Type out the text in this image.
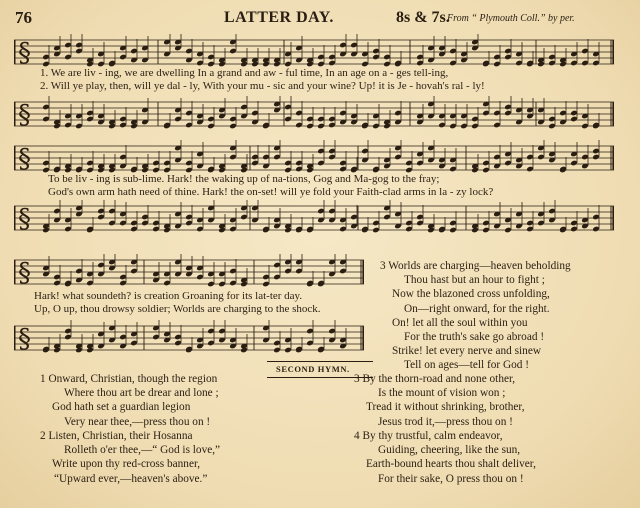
76	LATTER DAY.	8s & 7s.
From “ Plymouth Coll.” by per.
§
1. We are liv - ing, we are dwelling In a grand and aw - ful time, In an age on a - ges tell-ing,
2. Will ye play, then, will ye dal - ly, With your mu - sic and your wine? Up! it is Je - hovah's ral - ly!
§
§
To be liv - ing is sub-lime. Hark! the waking up of na-tions, Gog and Ma-gog to the fray;
God's own arm hath need of thine. Hark! the on-set! will ye fold your Faith-clad arms in la - zy lock?
§
§
Hark! what soundeth? is creation Groaning for its lat-ter day.
Up, O up, thou drowsy soldier; Worlds are charging to the shock.
§
3 Worlds are charging—heaven beholding
Thou hast but an hour to fight ;
Now the blazoned cross unfolding,
On—right onward, for the right.
On! let all the soul within you
For the truth's sake go abroad !
Strike! let every nerve and sinew
Tell on ages—tell for God !
SECOND HYMN.
1 Onward, Christian, though the region
Where thou art be drear and lone ;
God hath set a guardian legion
Very near thee,—press thou on !
2 Listen, Christian, their Hosanna
Rolleth o'er thee,—“ God is love,”
Write upon thy red-cross banner,
“Upward ever,—heaven's above.”
3 By the thorn-road and none other,
Is the mount of vision won ;
Tread it without shrinking, brother,
Jesus trod it,—press thou on !
4 By thy trustful, calm endeavor,
Guiding, cheering, like the sun,
Earth-bound hearts thou shalt deliver,
For their sake, O press thou on !
